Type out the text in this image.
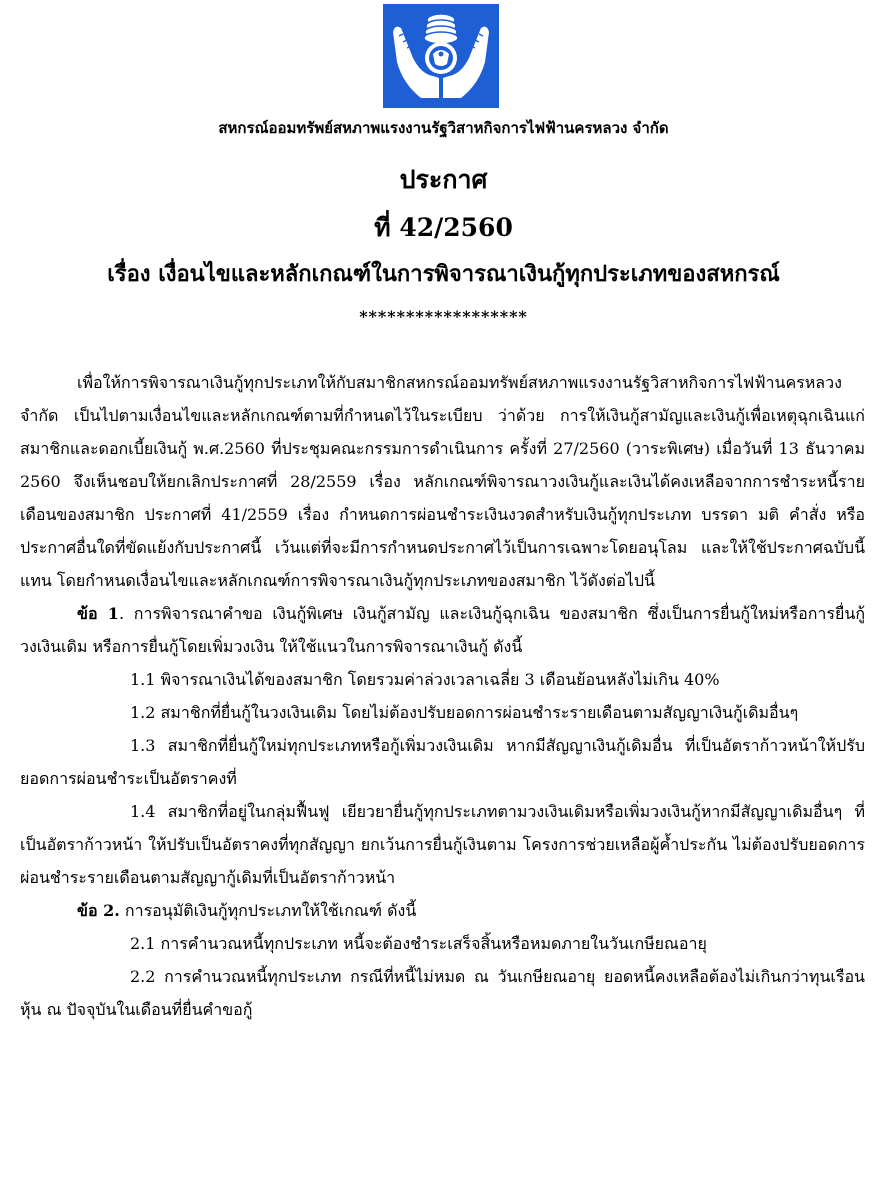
สหกรณ์ออมทรัพย์สหภาพแรงงานรัฐวิสาหกิจการไฟฟ้านครหลวง จำกัด
ประกาศ
ที่ 42/2560
เรื่อง เงื่อนไขและหลักเกณฑ์ในการพิจารณาเงินกู้ทุกประเภทของสหกรณ์
******************

เพื่อให้การพิจารณาเงินกู้ทุกประเภทให้กับสมาชิกสหกรณ์ออมทรัพย์สหภาพแรงงานรัฐวิสาหกิจการไฟฟ้านครหลวง จำกัด เป็นไปตามเงื่อนไขและหลักเกณฑ์ตามที่กำหนดไว้ในระเบียบ ว่าด้วย การให้เงินกู้สามัญและเงินกู้เพื่อเหตุฉุกเฉินแก่สมาชิกและดอกเบี้ยเงินกู้ พ.ศ.2560 ที่ประชุมคณะกรรมการดำเนินการ ครั้งที่ 27/2560 (วาระพิเศษ) เมื่อวันที่ 13 ธันวาคม 2560 จึงเห็นชอบให้ยกเลิกประกาศที่ 28/2559 เรื่อง หลักเกณฑ์พิจารณาวงเงินกู้และเงินได้คงเหลือจากการชำระหนี้รายเดือนของสมาชิก ประกาศที่ 41/2559 เรื่อง กำหนดการผ่อนชำระเงินงวดสำหรับเงินกู้ทุกประเภท บรรดา มติ คำสั่ง หรือประกาศอื่นใดที่ขัดแย้งกับประกาศนี้ เว้นแต่ที่จะมีการกำหนดประกาศไว้เป็นการเฉพาะโดยอนุโลม และให้ใช้ประกาศฉบับนี้แทน โดยกำหนดเงื่อนไขและหลักเกณฑ์การพิจารณาเงินกู้ทุกประเภทของสมาชิก ไว้ดังต่อไปนี้

ข้อ 1. การพิจารณาคำขอ เงินกู้พิเศษ เงินกู้สามัญ และเงินกู้ฉุกเฉิน ของสมาชิก ซึ่งเป็นการยื่นกู้ใหม่หรือการยื่นกู้วงเงินเดิม หรือการยื่นกู้โดยเพิ่มวงเงิน ให้ใช้แนวในการพิจารณาเงินกู้ ดังนี้

1.1 พิจารณาเงินได้ของสมาชิก โดยรวมค่าล่วงเวลาเฉลี่ย 3 เดือนย้อนหลังไม่เกิน 40%

1.2 สมาชิกที่ยื่นกู้ในวงเงินเดิม โดยไม่ต้องปรับยอดการผ่อนชำระรายเดือนตามสัญญาเงินกู้เดิมอื่นๆ

1.3 สมาชิกที่ยื่นกู้ใหม่ทุกประเภทหรือกู้เพิ่มวงเงินเดิม หากมีสัญญาเงินกู้เดิมอื่น ที่เป็นอัตราก้าวหน้าให้ปรับยอดการผ่อนชำระเป็นอัตราคงที่

1.4 สมาชิกที่อยู่ในกลุ่มฟื้นฟู เยียวยายื่นกู้ทุกประเภทตามวงเงินเดิมหรือเพิ่มวงเงินกู้หากมีสัญญาเดิมอื่นๆ ที่เป็นอัตราก้าวหน้า ให้ปรับเป็นอัตราคงที่ทุกสัญญา ยกเว้นการยื่นกู้เงินตาม โครงการช่วยเหลือผู้ค้ำประกัน ไม่ต้องปรับยอดการผ่อนชำระรายเดือนตามสัญญากู้เดิมที่เป็นอัตราก้าวหน้า

ข้อ 2. การอนุมัติเงินกู้ทุกประเภทให้ใช้เกณฑ์ ดังนี้

2.1 การคำนวณหนี้ทุกประเภท หนี้จะต้องชำระเสร็จสิ้นหรือหมดภายในวันเกษียณอายุ

2.2 การคำนวณหนี้ทุกประเภท กรณีที่หนี้ไม่หมด ณ วันเกษียณอายุ ยอดหนี้คงเหลือต้องไม่เกินกว่าทุนเรือนหุ้น ณ ปัจจุบันในเดือนที่ยื่นคำขอกู้
